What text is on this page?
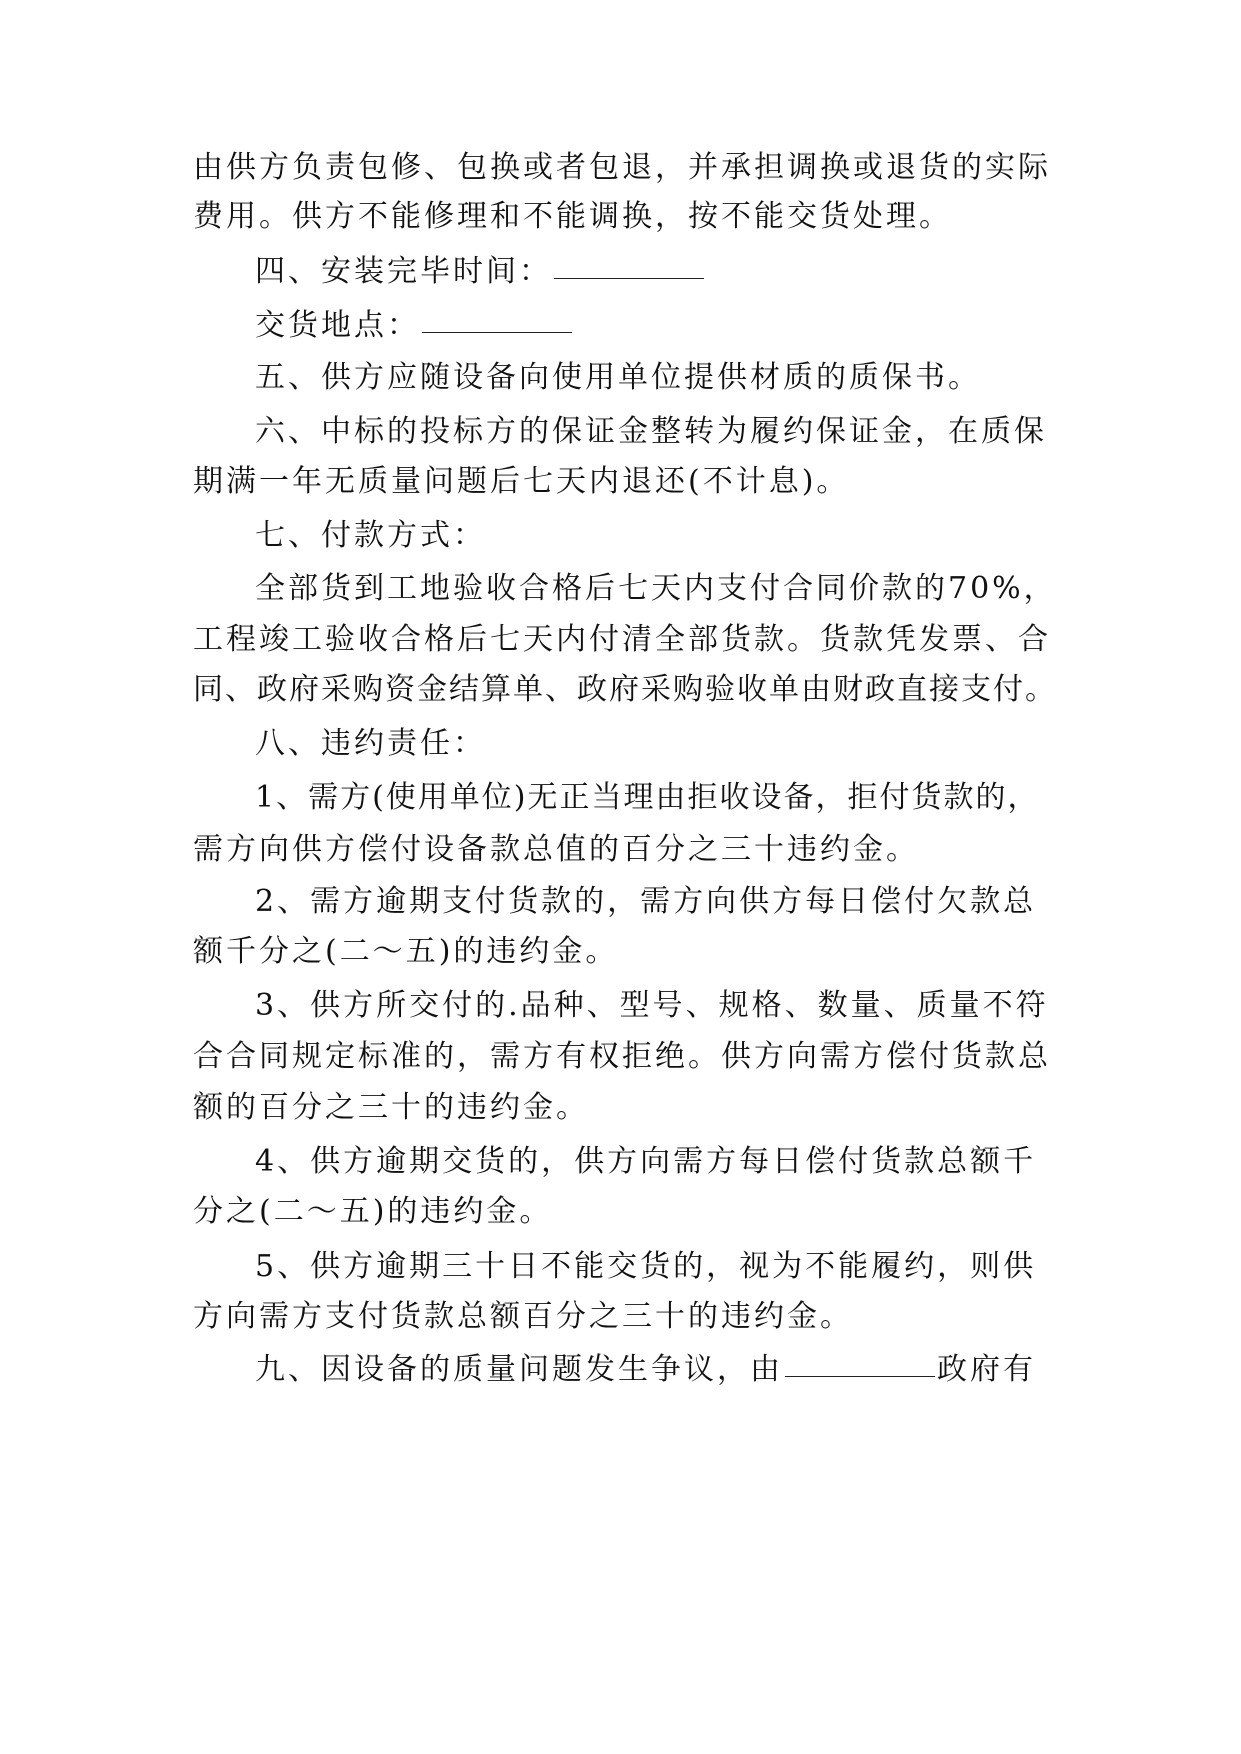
由供方负责包修、包换或者包退，并承担调换或退货的实际
费用。供方不能修理和不能调换，按不能交货处理。
四、安装完毕时间：
交货地点：
五、供方应随设备向使用单位提供材质的质保书。
六、中标的投标方的保证金整转为履约保证金，在质保
期满一年无质量问题后七天内退还(不计息)。
七、付款方式：
全部货到工地验收合格后七天内支付合同价款的70%，
工程竣工验收合格后七天内付清全部货款。货款凭发票、合
同、政府采购资金结算单、政府采购验收单由财政直接支付。
八、违约责任：
1、需方(使用单位)无正当理由拒收设备，拒付货款的，
需方向供方偿付设备款总值的百分之三十违约金。
2、需方逾期支付货款的，需方向供方每日偿付欠款总
额千分之(二～五)的违约金。
3、供方所交付的.品种、型号、规格、数量、质量不符
合合同规定标准的，需方有权拒绝。供方向需方偿付货款总
额的百分之三十的违约金。
4、供方逾期交货的，供方向需方每日偿付货款总额千
分之(二～五)的违约金。
5、供方逾期三十日不能交货的，视为不能履约，则供
方向需方支付货款总额百分之三十的违约金。
九、因设备的质量问题发生争议，由	政府有
